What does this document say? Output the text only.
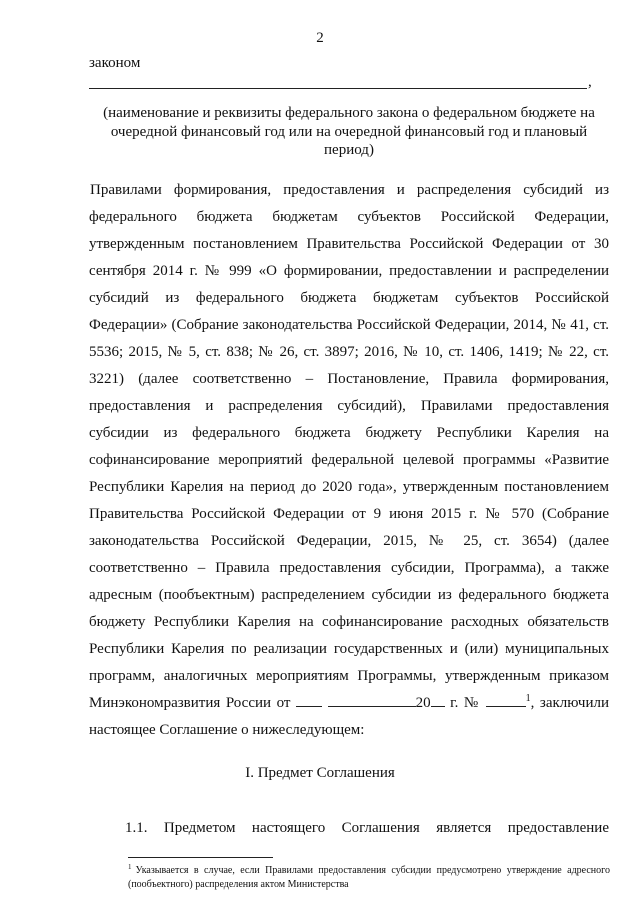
2
законом
,
(наименование и реквизиты федерального закона о федеральном бюджете на очередной финансовый год или на очередной финансовый год и плановый период)

Правилами формирования, предоставления и распределения субсидий из федерального бюджета бюджетам субъектов Российской Федерации, утвержденным постановлением Правительства Российской Федерации от 30 сентября 2014 г. № 999 «О формировании, предоставлении и распределении субсидий из федерального бюджета бюджетам субъектов Российской Федерации» (Собрание законодательства Российской Федерации, 2014, № 41, ст. 5536; 2015, № 5, ст. 838; № 26, ст. 3897; 2016, № 10, ст. 1406, 1419; № 22, ст. 3221) (далее соответственно – Постановление, Правила формирования, предоставления и распределения субсидий), Правилами предоставления субсидии из федерального бюджета бюджету Республики Карелия на софинансирование мероприятий федеральной целевой программы «Развитие Республики Карелия на период до 2020 года», утвержденным постановлением Правительства Российской Федерации от 9 июня 2015 г. № 570 (Собрание законодательства Российской Федерации, 2015, № 25, ст. 3654) (далее соответственно – Правила предоставления субсидии, Программа), а также адресным (пообъектным) распределением субсидии из федерального бюджета бюджету Республики Карелия на софинансирование расходных обязательств Республики Карелия по реализации государственных и (или) муниципальных программ, аналогичных мероприятиям Программы, утвержденным приказом Минэкономразвития России от	20 г. №	$^1$, заключили настоящее Соглашение о нижеследующем:

I. Предмет Соглашения
1.1. Предметом настоящего Соглашения является предоставление
$^1$ Указывается в случае, если Правилами предоставления субсидии предусмотрено утверждение адресного (пообъектного) распределения актом Министерства
